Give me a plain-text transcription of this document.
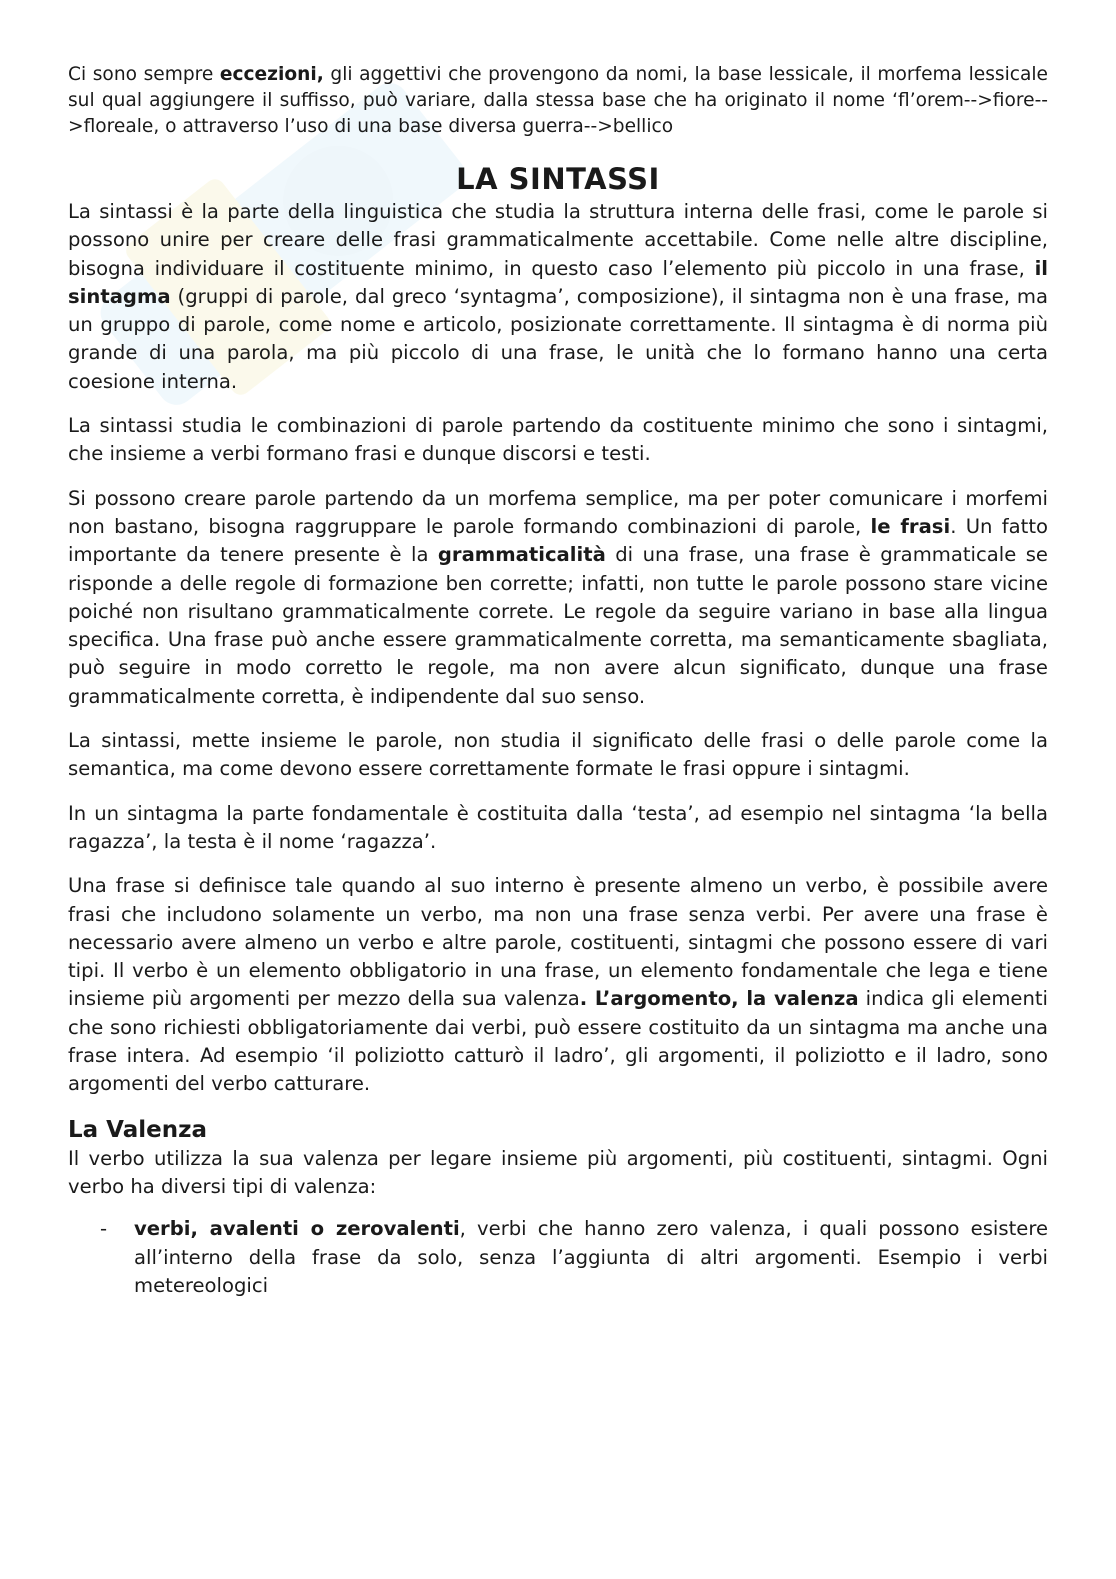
Ci sono sempre eccezioni, gli aggettivi che provengono da nomi, la base lessicale, il morfema lessicale sul qual aggiungere il suffisso, può variare, dalla stessa base che ha originato il nome ‘fl’orem-->fiore-->floreale, o attraverso l’uso di una base diversa guerra-->bellico

LA SINTASSI

La sintassi è la parte della linguistica che studia la struttura interna delle frasi, come le parole si possono unire per creare delle frasi grammaticalmente accettabile. Come nelle altre discipline, bisogna individuare il costituente minimo, in questo caso l’elemento più piccolo in una frase, il sintagma (gruppi di parole, dal greco ‘syntagma’, composizione), il sintagma non è una frase, ma un gruppo di parole, come nome e articolo, posizionate correttamente. Il sintagma è di norma più grande di una parola, ma più piccolo di una frase, le unità che lo formano hanno una certa coesione interna.

La sintassi studia le combinazioni di parole partendo da costituente minimo che sono i sintagmi, che insieme a verbi formano frasi e dunque discorsi e testi.

Si possono creare parole partendo da un morfema semplice, ma per poter comunicare i morfemi non bastano, bisogna raggruppare le parole formando combinazioni di parole, le frasi. Un fatto importante da tenere presente è la grammaticalità di una frase, una frase è grammaticale se risponde a delle regole di formazione ben corrette; infatti, non tutte le parole possono stare vicine poiché non risultano grammaticalmente correte. Le regole da seguire variano in base alla lingua specifica. Una frase può anche essere grammaticalmente corretta, ma semanticamente sbagliata, può seguire in modo corretto le regole, ma non avere alcun significato, dunque una frase grammaticalmente corretta, è indipendente dal suo senso.

La sintassi, mette insieme le parole, non studia il significato delle frasi o delle parole come la semantica, ma come devono essere correttamente formate le frasi oppure i sintagmi.

In un sintagma la parte fondamentale è costituita dalla ‘testa’, ad esempio nel sintagma ‘la bella ragazza’, la testa è il nome ‘ragazza’.

Una frase si definisce tale quando al suo interno è presente almeno un verbo, è possibile avere frasi che includono solamente un verbo, ma non una frase senza verbi. Per avere una frase è necessario avere almeno un verbo e altre parole, costituenti, sintagmi che possono essere di vari tipi. Il verbo è un elemento obbligatorio in una frase, un elemento fondamentale che lega e tiene insieme più argomenti per mezzo della sua valenza. L’argomento, la valenza indica gli elementi che sono richiesti obbligatoriamente dai verbi, può essere costituito da un sintagma ma anche una frase intera. Ad esempio ‘il poliziotto catturò il ladro’, gli argomenti, il poliziotto e il ladro, sono argomenti del verbo catturare.

La Valenza

Il verbo utilizza la sua valenza per legare insieme più argomenti, più costituenti, sintagmi. Ogni verbo ha diversi tipi di valenza:

- verbi, avalenti o zerovalenti, verbi che hanno zero valenza, i quali possono esistere all’interno della frase da solo, senza l’aggiunta di altri argomenti. Esempio i verbi metereologici
